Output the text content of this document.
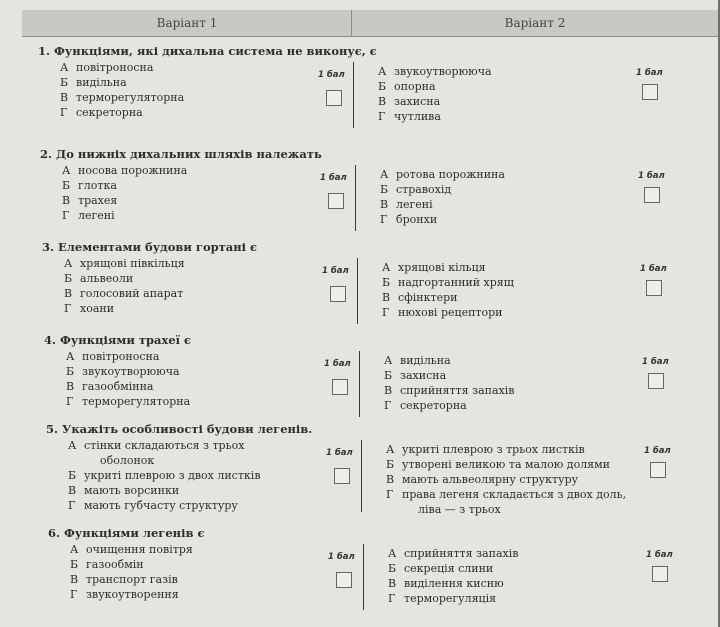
Варіант 1	Варіант 2
1. Функціями, які дихальна система не виконує, є
А повітроносна
Б видільна
В терморегуляторна
Г секреторна
А звукоутворююча
Б опорна
В захисна
Г чутлива
1 бал	1 бал
2. До нижніх дихальних шляхів належать
А носова порожнина
Б глотка
В трахея
Г легені
А ротова порожнина
Б стравохід
В легені
Г бронхи
1 бал	1 бал
3. Елементами будови гортані є
А хрящові півкільця
Б альвеоли
В голосовий апарат
Г хоани
А хрящові кільця
Б надгортанний хрящ
В сфінктери
Г нюхові рецептори
1 бал	1 бал
4. Функціями трахеї є
А повітроносна
Б звукоутворююча
В газообмінна
Г терморегуляторна
А видільна
Б захисна
В сприйняття запахів
Г секреторна
1 бал	1 бал
5. Укажіть особливості будови легенів.
А стінки складаються з трьох
оболонок
Б укриті плеврою з двох листків
В мають ворсинки
Г мають губчасту структуру
А укриті плеврою з трьох листків
Б утворені великою та малою долями
В мають альвеолярну структуру
Г права легеня складається з двох доль,
ліва — з трьох
1 бал	1 бал
6. Функціями легенів є
А очищення повітря
Б газообмін
В транспорт газів
Г звукоутворення
А сприйняття запахів
Б секреція слини
В виділення кисню
Г терморегуляція
1 бал	1 бал
